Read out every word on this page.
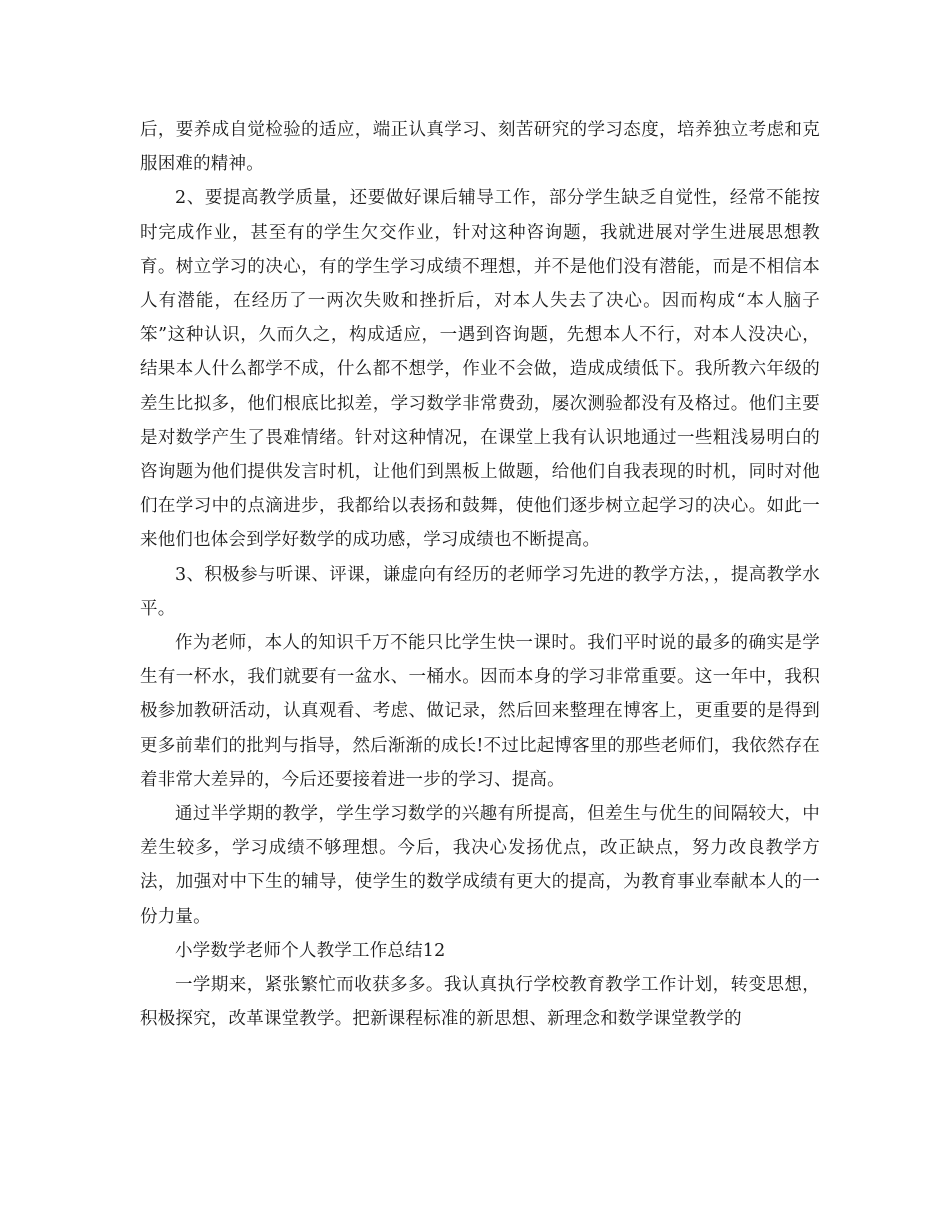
后，要养成自觉检验的适应，端正认真学习、刻苦研究的学习态度，培养独立考虑和克服困难的精神。

2、要提高教学质量，还要做好课后辅导工作，部分学生缺乏自觉性，经常不能按时完成作业，甚至有的学生欠交作业，针对这种咨询题，我就进展对学生进展思想教育。树立学习的决心，有的学生学习成绩不理想，并不是他们没有潜能，而是不相信本人有潜能，在经历了一两次失败和挫折后，对本人失去了决心。因而构成“本人脑子笨”这种认识，久而久之，构成适应，一遇到咨询题，先想本人不行，对本人没决心，结果本人什么都学不成，什么都不想学，作业不会做，造成成绩低下。我所教六年级的差生比拟多，他们根底比拟差，学习数学非常费劲，屡次测验都没有及格过。他们主要是对数学产生了畏难情绪。针对这种情况，在课堂上我有认识地通过一些粗浅易明白的咨询题为他们提供发言时机，让他们到黑板上做题，给他们自我表现的时机，同时对他们在学习中的点滴进步，我都给以表扬和鼓舞，使他们逐步树立起学习的决心。如此一来他们也体会到学好数学的成功感，学习成绩也不断提高。

3、积极参与听课、评课，谦虚向有经历的老师学习先进的教学方法，，提高教学水平。

作为老师，本人的知识千万不能只比学生快一课时。我们平时说的最多的确实是学生有一杯水，我们就要有一盆水、一桶水。因而本身的学习非常重要。这一年中，我积极参加教研活动，认真观看、考虑、做记录，然后回来整理在博客上，更重要的是得到更多前辈们的批判与指导，然后渐渐的成长!不过比起博客里的那些老师们，我依然存在着非常大差异的，今后还要接着进一步的学习、提高。

通过半学期的教学，学生学习数学的兴趣有所提高，但差生与优生的间隔较大，中差生较多，学习成绩不够理想。今后，我决心发扬优点，改正缺点，努力改良教学方法，加强对中下生的辅导，使学生的数学成绩有更大的提高，为教育事业奉献本人的一份力量。

小学数学老师个人教学工作总结12

一学期来，紧张繁忙而收获多多。我认真执行学校教育教学工作计划，转变思想，积极探究，改革课堂教学。把新课程标准的新思想、新理念和数学课堂教学的
